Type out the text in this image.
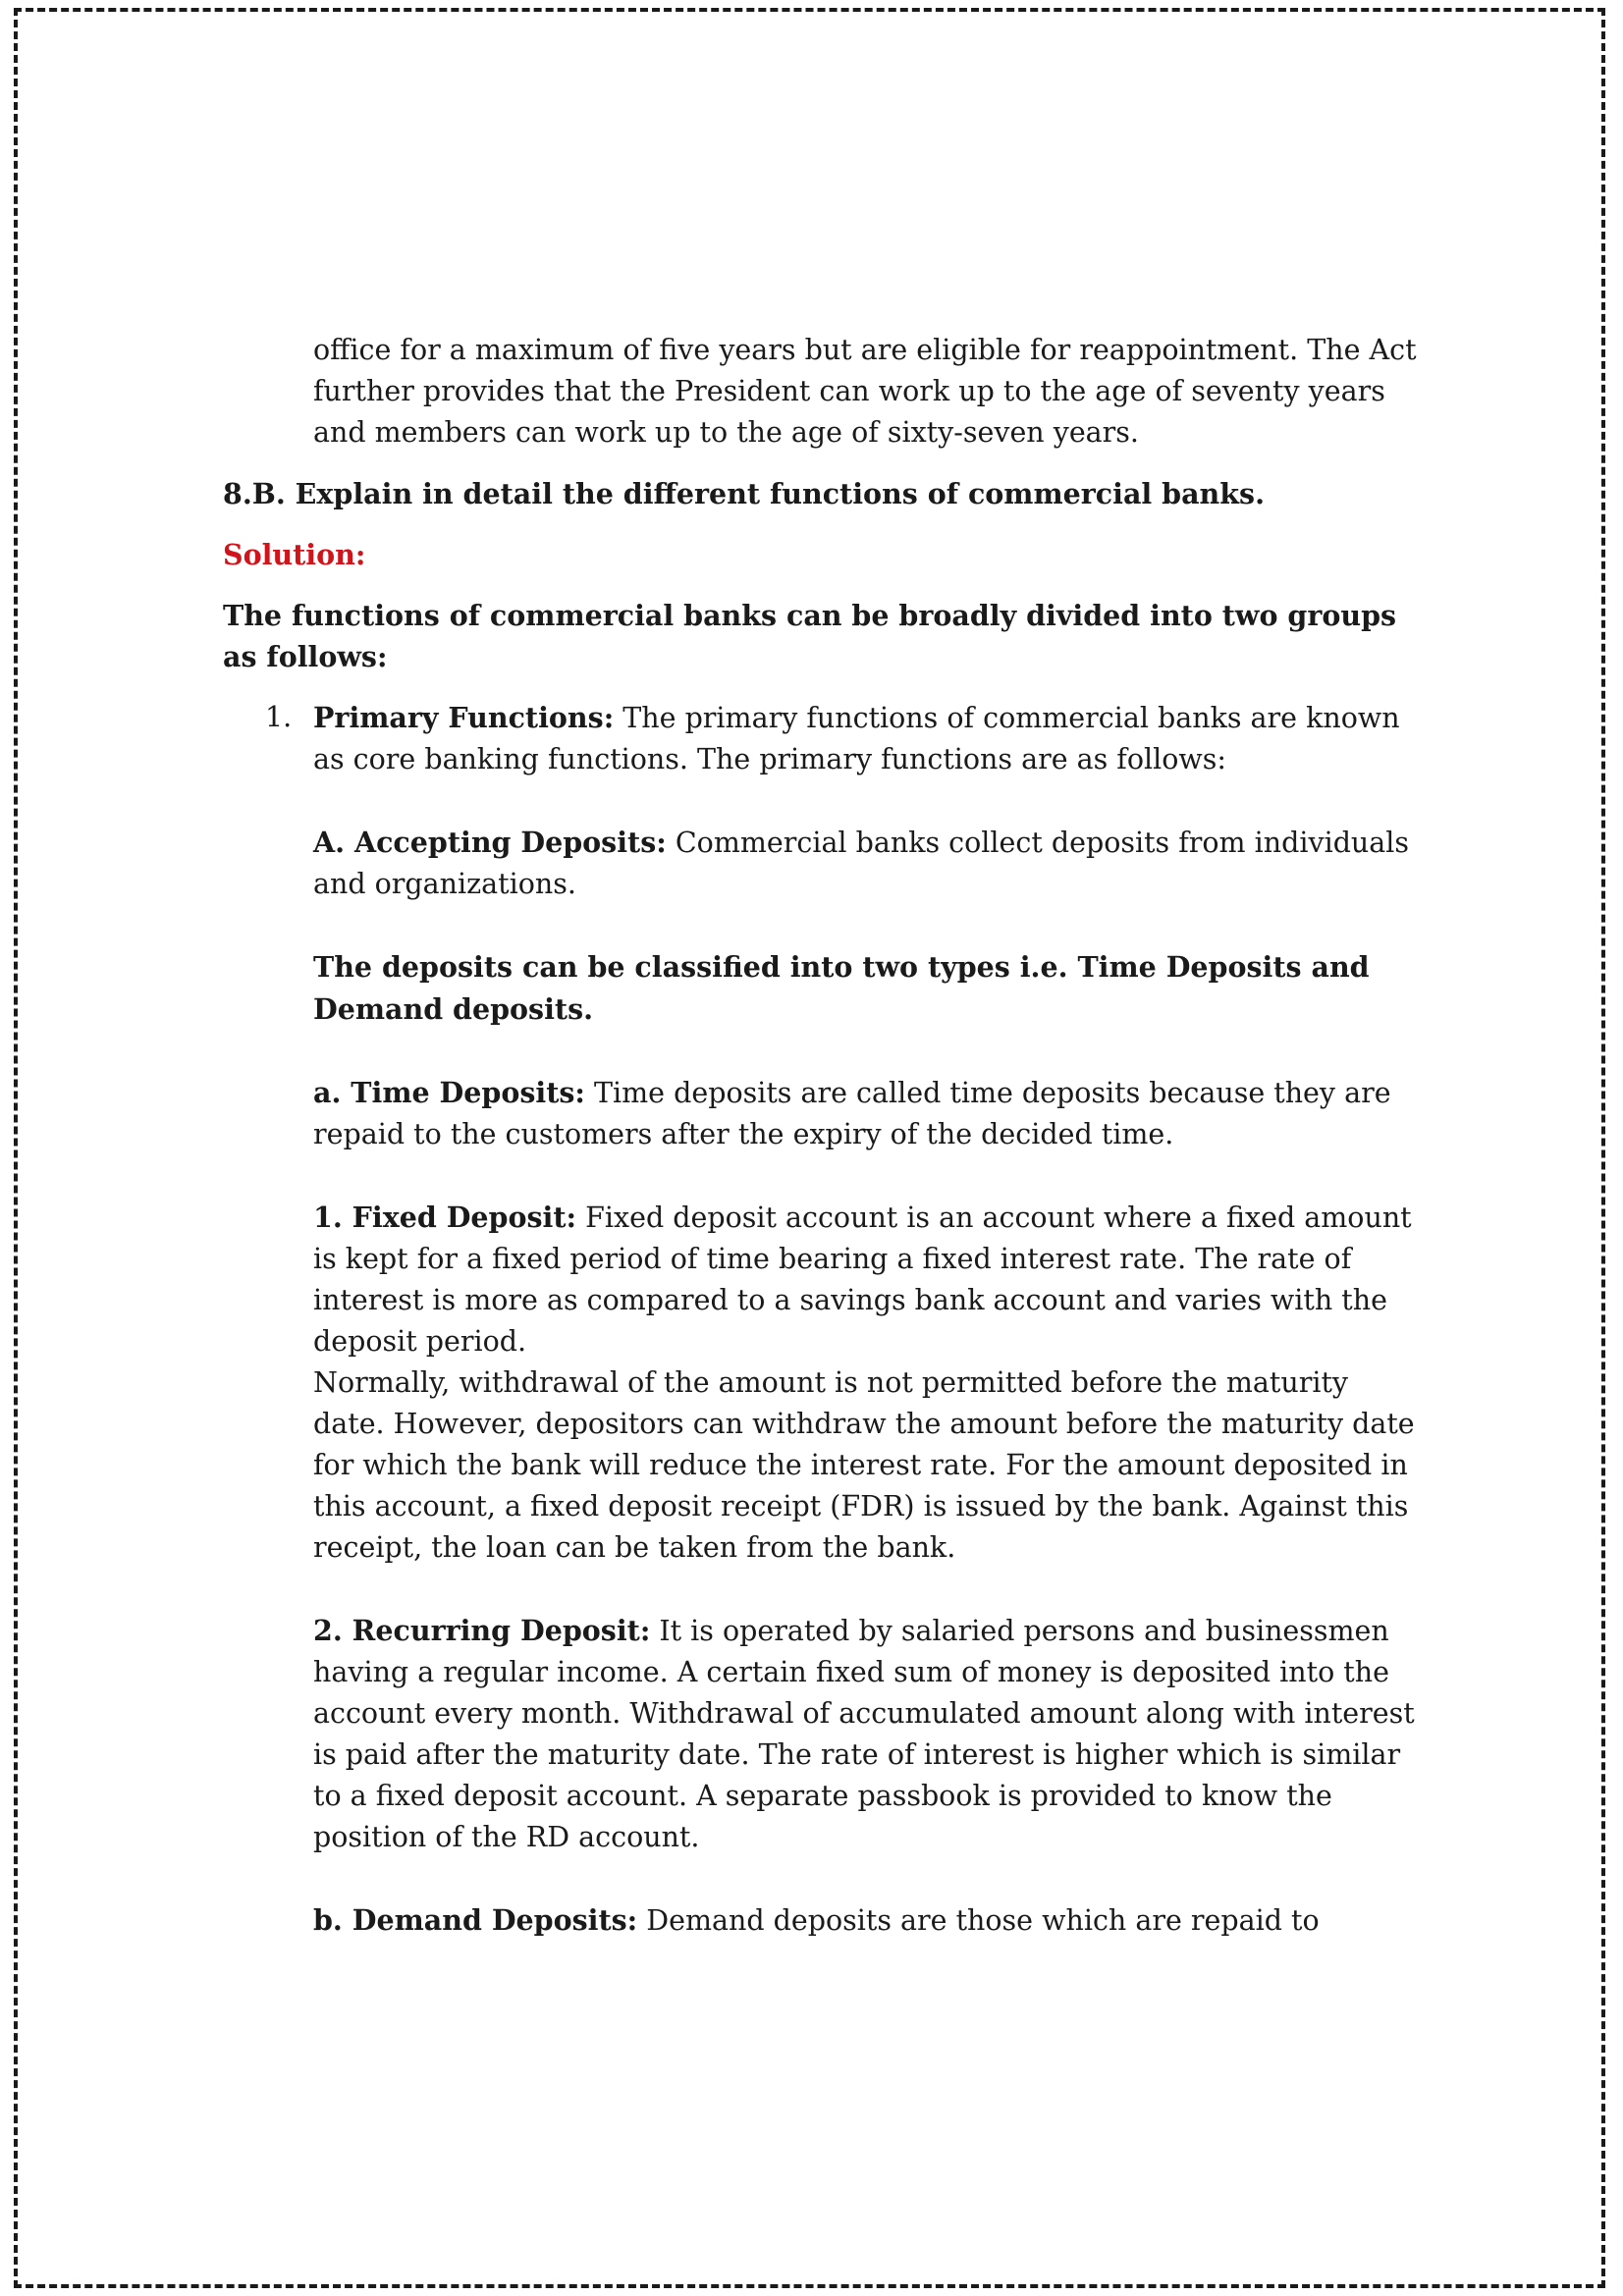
office for a maximum of five years but are eligible for reappointment. The Act further provides that the President can work up to the age of seventy years and members can work up to the age of sixty-seven years.

8.B. Explain in detail the different functions of commercial banks.

Solution:

The functions of commercial banks can be broadly divided into two groups as follows:

1. Primary Functions: The primary functions of commercial banks are known as core banking functions. The primary functions are as follows:

A. Accepting Deposits: Commercial banks collect deposits from individuals and organizations.

The deposits can be classified into two types i.e. Time Deposits and Demand deposits.

a. Time Deposits: Time deposits are called time deposits because they are repaid to the customers after the expiry of the decided time.

1. Fixed Deposit: Fixed deposit account is an account where a fixed amount is kept for a fixed period of time bearing a fixed interest rate. The rate of interest is more as compared to a savings bank account and varies with the deposit period.

Normally, withdrawal of the amount is not permitted before the maturity date. However, depositors can withdraw the amount before the maturity date for which the bank will reduce the interest rate. For the amount deposited in this account, a fixed deposit receipt (FDR) is issued by the bank. Against this receipt, the loan can be taken from the bank.

2. Recurring Deposit: It is operated by salaried persons and businessmen having a regular income. A certain fixed sum of money is deposited into the account every month. Withdrawal of accumulated amount along with interest is paid after the maturity date. The rate of interest is higher which is similar to a fixed deposit account. A separate passbook is provided to know the position of the RD account.

b. Demand Deposits: Demand deposits are those which are repaid to
